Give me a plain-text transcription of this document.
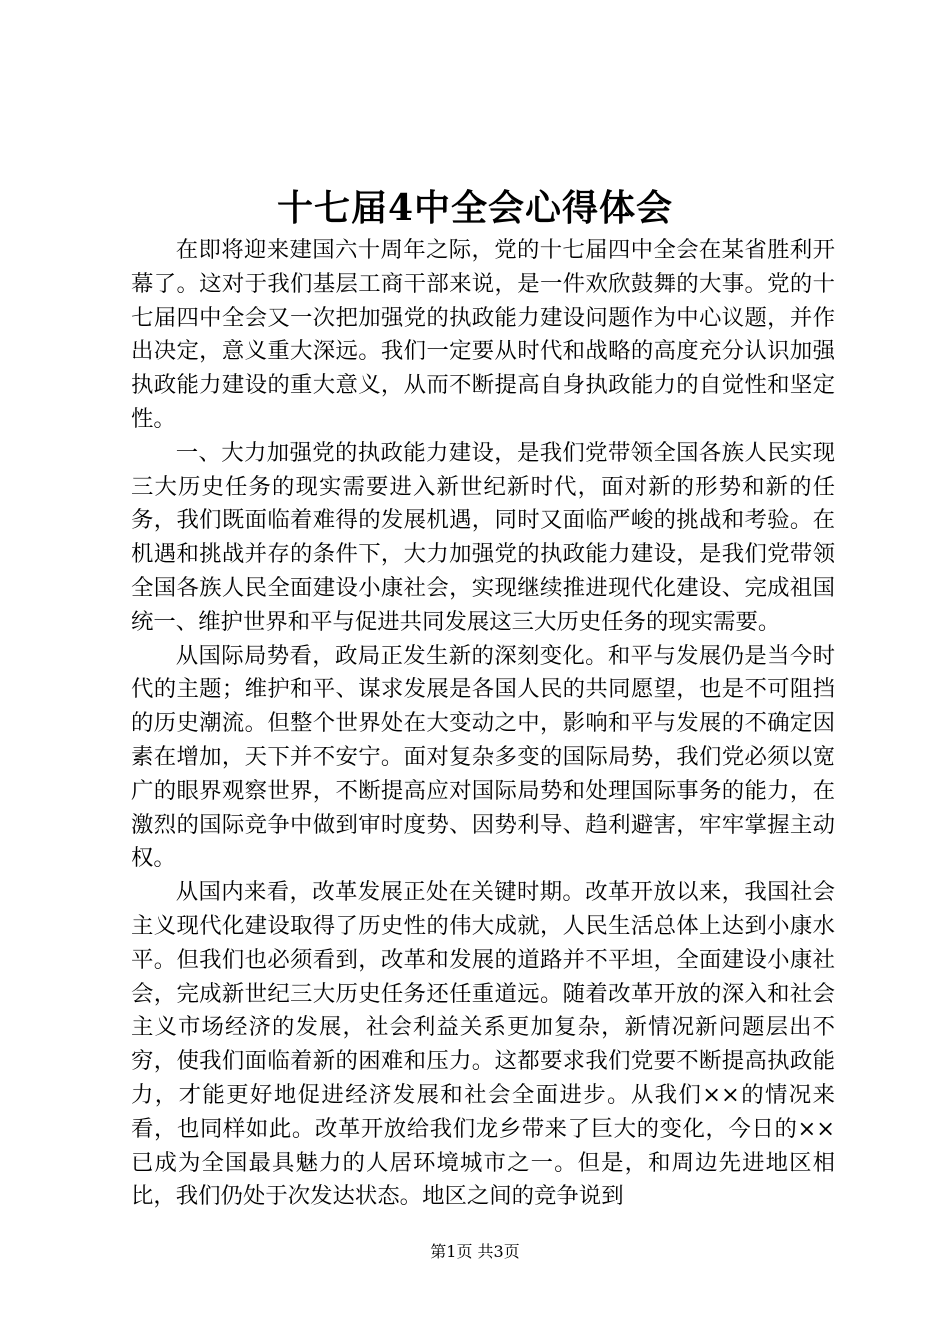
十七届4中全会心得体会

在即将迎来建国六十周年之际，党的十七届四中全会在某省胜利开幕了。这对于我们基层工商干部来说，是一件欢欣鼓舞的大事。党的十七届四中全会又一次把加强党的执政能力建设问题作为中心议题，并作出决定，意义重大深远。我们一定要从时代和战略的高度充分认识加强执政能力建设的重大意义，从而不断提高自身执政能力的自觉性和坚定性。

一、大力加强党的执政能力建设，是我们党带领全国各族人民实现三大历史任务的现实需要进入新世纪新时代，面对新的形势和新的任务，我们既面临着难得的发展机遇，同时又面临严峻的挑战和考验。在机遇和挑战并存的条件下，大力加强党的执政能力建设，是我们党带领全国各族人民全面建设小康社会，实现继续推进现代化建设、完成祖国统一、维护世界和平与促进共同发展这三大历史任务的现实需要。

从国际局势看，政局正发生新的深刻变化。和平与发展仍是当今时代的主题；维护和平、谋求发展是各国人民的共同愿望，也是不可阻挡的历史潮流。但整个世界处在大变动之中，影响和平与发展的不确定因素在增加，天下并不安宁。面对复杂多变的国际局势，我们党必须以宽广的眼界观察世界，不断提高应对国际局势和处理国际事务的能力，在激烈的国际竞争中做到审时度势、因势利导、趋利避害，牢牢掌握主动权。

从国内来看，改革发展正处在关键时期。改革开放以来，我国社会主义现代化建设取得了历史性的伟大成就，人民生活总体上达到小康水平。但我们也必须看到，改革和发展的道路并不平坦，全面建设小康社会，完成新世纪三大历史任务还任重道远。随着改革开放的深入和社会主义市场经济的发展，社会利益关系更加复杂，新情况新问题层出不穷，使我们面临着新的困难和压力。这都要求我们党要不断提高执政能力，才能更好地促进经济发展和社会全面进步。从我们××的情况来看，也同样如此。改革开放给我们龙乡带来了巨大的变化，今日的××已成为全国最具魅力的人居环境城市之一。但是，和周边先进地区相比，我们仍处于次发达状态。地区之间的竞争说到

第1页 共3页
